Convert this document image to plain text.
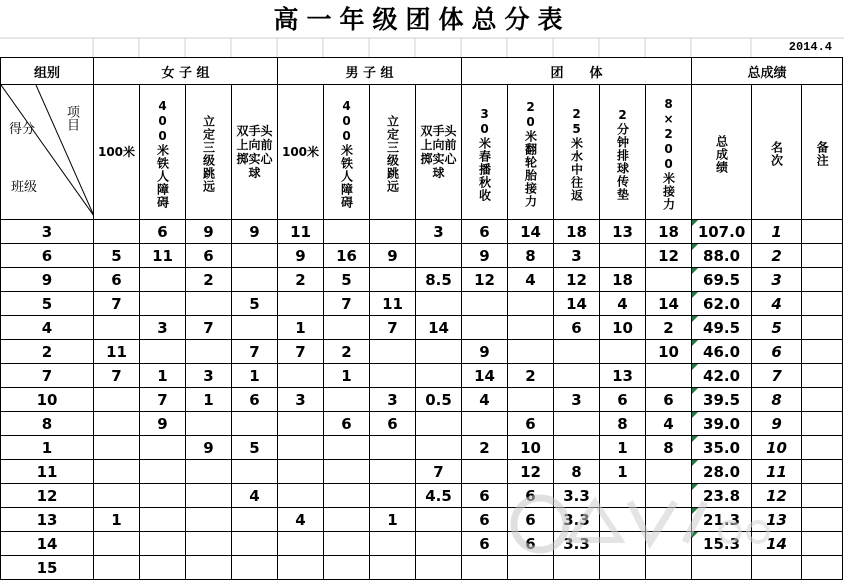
高一年级团体总分表
2014.4
组别	女 子 组				男 子 组				团　　体					总成绩		

项目
得分
班级	100米	400米铁人障碍	立定三级跳远	双手头上向前掷实心球	100米	400米铁人障碍	立定三级跳远	双手头上向前掷实心球	30米春播秋收	20米翻轮胎接力	25米水中往返	2分钟排球传垫	8×200米接力	总成绩	名次	备注
3		6	9	9	11			3	6	14	18	13	18	107.0	1	
6	5	11	6		9	16	9		9	8	3		12	88.0	2	
9	6		2		2	5		8.5	12	4	12	18		69.5	3	
5	7			5		7	11				14	4	14	62.0	4	
4		3	7		1		7	14			6	10	2	49.5	5	
2	11			7	7	2			9				10	46.0	6	
7	7	1	3	1		1			14	2		13		42.0	7	
10		7	1	6	3		3	0.5	4		3	6	6	39.5	8	
8		9				6	6			6		8	4	39.0	9	
1			9	5					2	10		1	8	35.0	10	
11								7		12	8	1		28.0	11	
12				4				4.5	6	6	3.3			23.8	12	
13	1				4		1		6	6	3.3			21.3	13	
14									6	6	3.3			15.3	14	
15																
